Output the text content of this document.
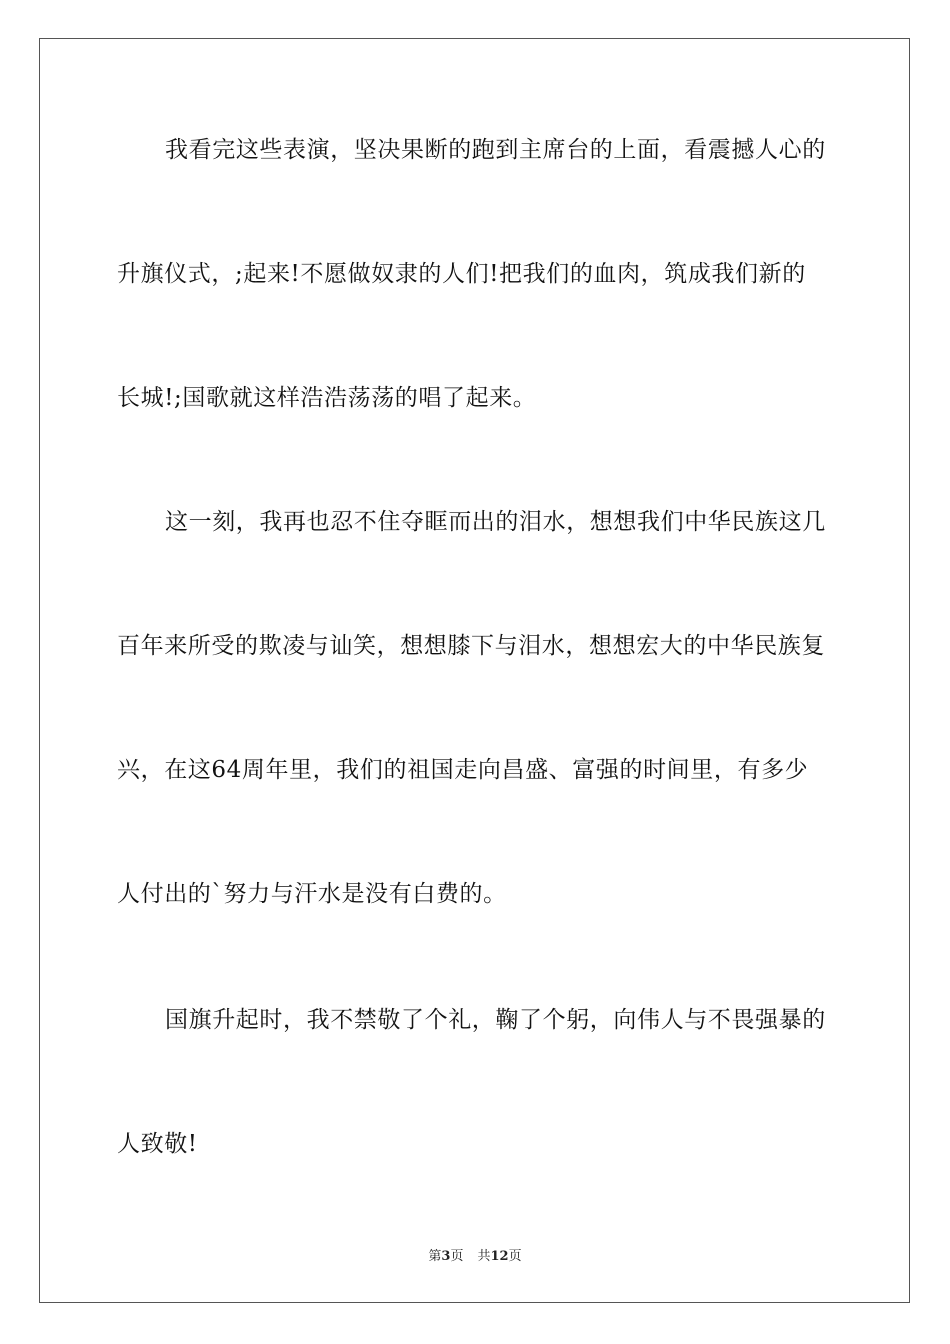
我看完这些表演，坚决果断的跑到主席台的上面，看震撼人心的
升旗仪式，;起来!不愿做奴隶的人们!把我们的血肉，筑成我们新的
长城!;国歌就这样浩浩荡荡的唱了起来。
这一刻，我再也忍不住夺眶而出的泪水，想想我们中华民族这几
百年来所受的欺凌与讪笑，想想膝下与泪水，想想宏大的中华民族复
兴，在这64周年里，我们的祖国走向昌盛、富强的时间里，有多少
人付出的`努力与汗水是没有白费的。
国旗升起时，我不禁敬了个礼，鞠了个躬，向伟人与不畏强暴的
人致敬!
第3页 共12页
